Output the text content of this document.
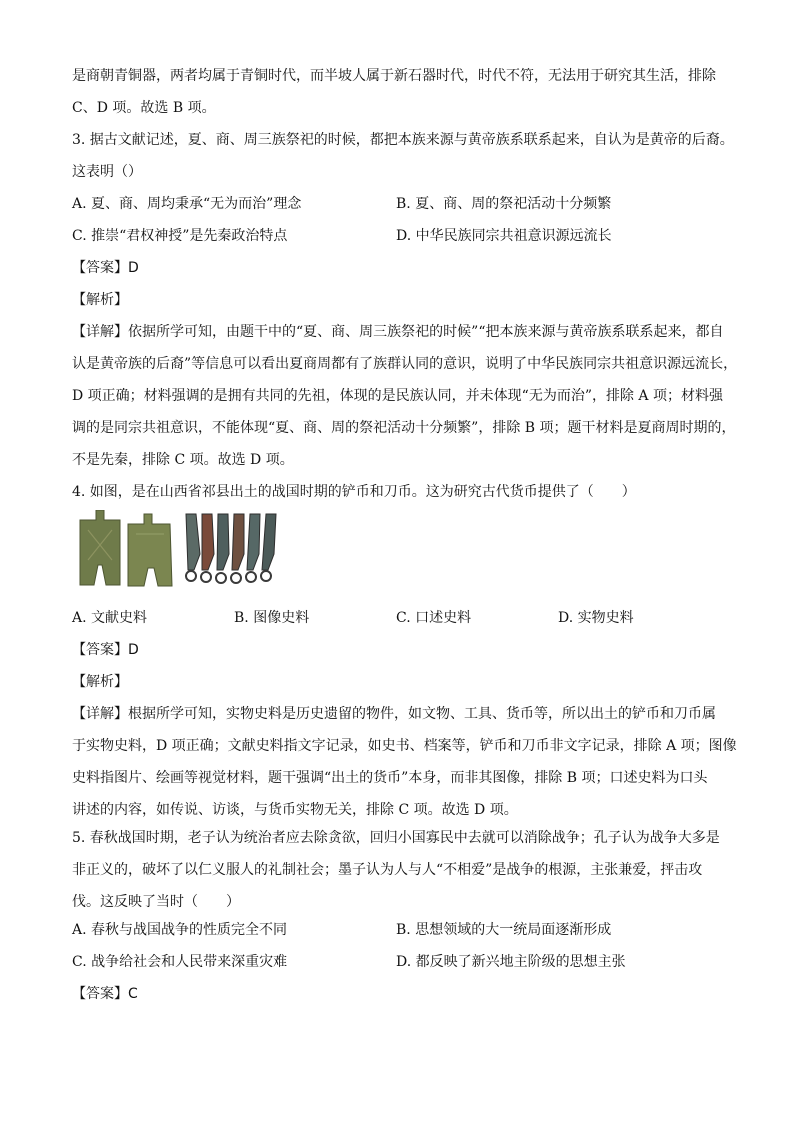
是商朝青铜器，两者均属于青铜时代，而半坡人属于新石器时代，时代不符，无法用于研究其生活，排除
C、D 项。故选 B 项。
3. 据古文献记述，夏、商、周三族祭祀的时候，都把本族来源与黄帝族系联系起来，自认为是黄帝的后裔。
这表明（）
A. 夏、商、周均秉承“无为而治”理念	B. 夏、商、周的祭祀活动十分频繁
C. 推崇“君权神授”是先秦政治特点	D. 中华民族同宗共祖意识源远流长
【答案】D
【解析】
【详解】依据所学可知，由题干中的“夏、商、周三族祭祀的时候”“把本族来源与黄帝族系联系起来，都自
认是黄帝族的后裔”等信息可以看出夏商周都有了族群认同的意识，说明了中华民族同宗共祖意识源远流长，
D 项正确；材料强调的是拥有共同的先祖，体现的是民族认同，并未体现“无为而治”，排除 A 项；材料强
调的是同宗共祖意识，不能体现“夏、商、周的祭祀活动十分频繁”，排除 B 项；题干材料是夏商周时期的，
不是先秦，排除 C 项。故选 D 项。
4. 如图，是在山西省祁县出土的战国时期的铲币和刀币。这为研究古代货币提供了（　　）
A. 文献史料	B. 图像史料	C. 口述史料	D. 实物史料
【答案】D
【解析】
【详解】根据所学可知，实物史料是历史遗留的物件，如文物、工具、货币等，所以出土的铲币和刀币属
于实物史料，D 项正确；文献史料指文字记录，如史书、档案等，铲币和刀币非文字记录，排除 A 项；图像
史料指图片、绘画等视觉材料，题干强调“出土的货币”本身，而非其图像，排除 B 项；口述史料为口头
讲述的内容，如传说、访谈，与货币实物无关，排除 C 项。故选 D 项。
5. 春秋战国时期，老子认为统治者应去除贪欲，回归小国寡民中去就可以消除战争；孔子认为战争大多是
非正义的，破坏了以仁义服人的礼制社会；墨子认为人与人“不相爱”是战争的根源，主张兼爱，抨击攻
伐。这反映了当时（　　）
A. 春秋与战国战争的性质完全不同	B. 思想领域的大一统局面逐渐形成
C. 战争给社会和人民带来深重灾难	D. 都反映了新兴地主阶级的思想主张
【答案】C
